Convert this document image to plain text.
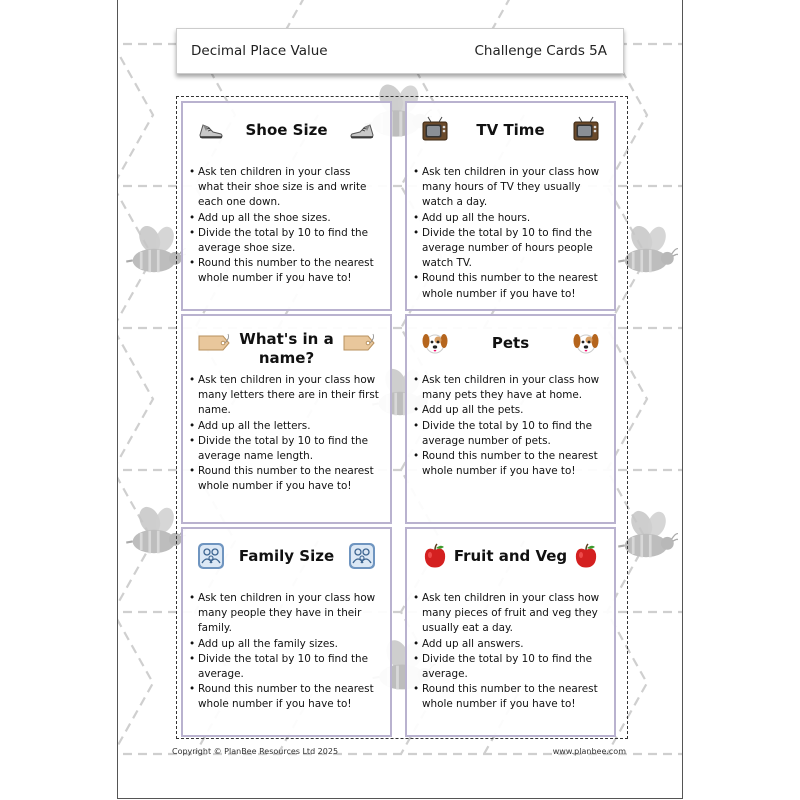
Decimal Place Value	Challenge Cards 5A
Shoe Size
• Ask ten children in your class what their shoe size is and write each one down.
• Add up all the shoe sizes.
• Divide the total by 10 to find the average shoe size.
• Round this number to the nearest whole number if you have to!
TV Time
• Ask ten children in your class how many hours of TV they usually watch a day.
• Add up all the hours.
• Divide the total by 10 to find the average number of hours people watch TV.
• Round this number to the nearest whole number if you have to!
What's in a name?
• Ask ten children in your class how many letters there are in their first name.
• Add up all the letters.
• Divide the total by 10 to find the average name length.
• Round this number to the nearest whole number if you have to!
Pets
• Ask ten children in your class how many pets they have at home.
• Add up all the pets.
• Divide the total by 10 to find the average number of pets.
• Round this number to the nearest whole number if you have to!
Family Size
• Ask ten children in your class how many people they have in their family.
• Add up all the family sizes.
• Divide the total by 10 to find the average.
• Round this number to the nearest whole number if you have to!
Fruit and Veg
• Ask ten children in your class how many pieces of fruit and veg they usually eat a day.
• Add up all answers.
• Divide the total by 10 to find the average.
• Round this number to the nearest whole number if you have to!
Copyright © PlanBee Resources Ltd 2025	www.planbee.com
